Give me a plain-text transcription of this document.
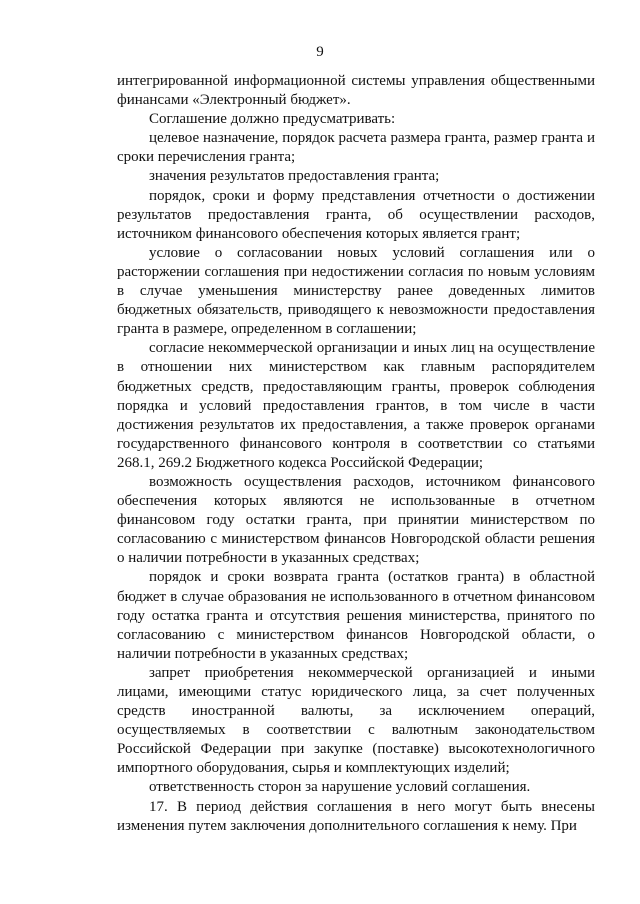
9

интегрированной информационной системы управления общественными финансами «Электронный бюджет».

Соглашение должно предусматривать:

целевое назначение, порядок расчета размера гранта, размер гранта и сроки перечисления гранта;

значения результатов предоставления гранта;

порядок, сроки и форму представления отчетности о достижении результатов предоставления гранта, об осуществлении расходов, источником финансового обеспечения которых является грант;

условие о согласовании новых условий соглашения или о расторжении соглашения при недостижении согласия по новым условиям в случае уменьшения министерству ранее доведенных лимитов бюджетных обязательств, приводящего к невозможности предоставления гранта в размере, определенном в соглашении;

согласие некоммерческой организации и иных лиц на осуществление в отношении них министерством как главным распорядителем бюджетных средств, предоставляющим гранты, проверок соблюдения порядка и условий предоставления грантов, в том числе в части достижения результатов их предоставления, а также проверок органами государственного финансового контроля в соответствии со статьями 268.1, 269.2 Бюджетного кодекса Российской Федерации;

возможность осуществления расходов, источником финансового обеспечения которых являются не использованные в отчетном финансовом году остатки гранта, при принятии министерством по согласованию с министерством финансов Новгородской области решения о наличии потребности в указанных средствах;

порядок и сроки возврата гранта (остатков гранта) в областной бюджет в случае образования не использованного в отчетном финансовом году остатка гранта и отсутствия решения министерства, принятого по согласованию с министерством финансов Новгородской области, о наличии потребности в указанных средствах;

запрет приобретения некоммерческой организацией и иными лицами, имеющими статус юридического лица, за счет полученных средств иностранной валюты, за исключением операций, осуществляемых в соответствии с валютным законодательством Российской Федерации при закупке (поставке) высокотехнологичного импортного оборудования, сырья и комплектующих изделий;

ответственность сторон за нарушение условий соглашения.

17. В период действия соглашения в него могут быть внесены изменения путем заключения дополнительного соглашения к нему. При
